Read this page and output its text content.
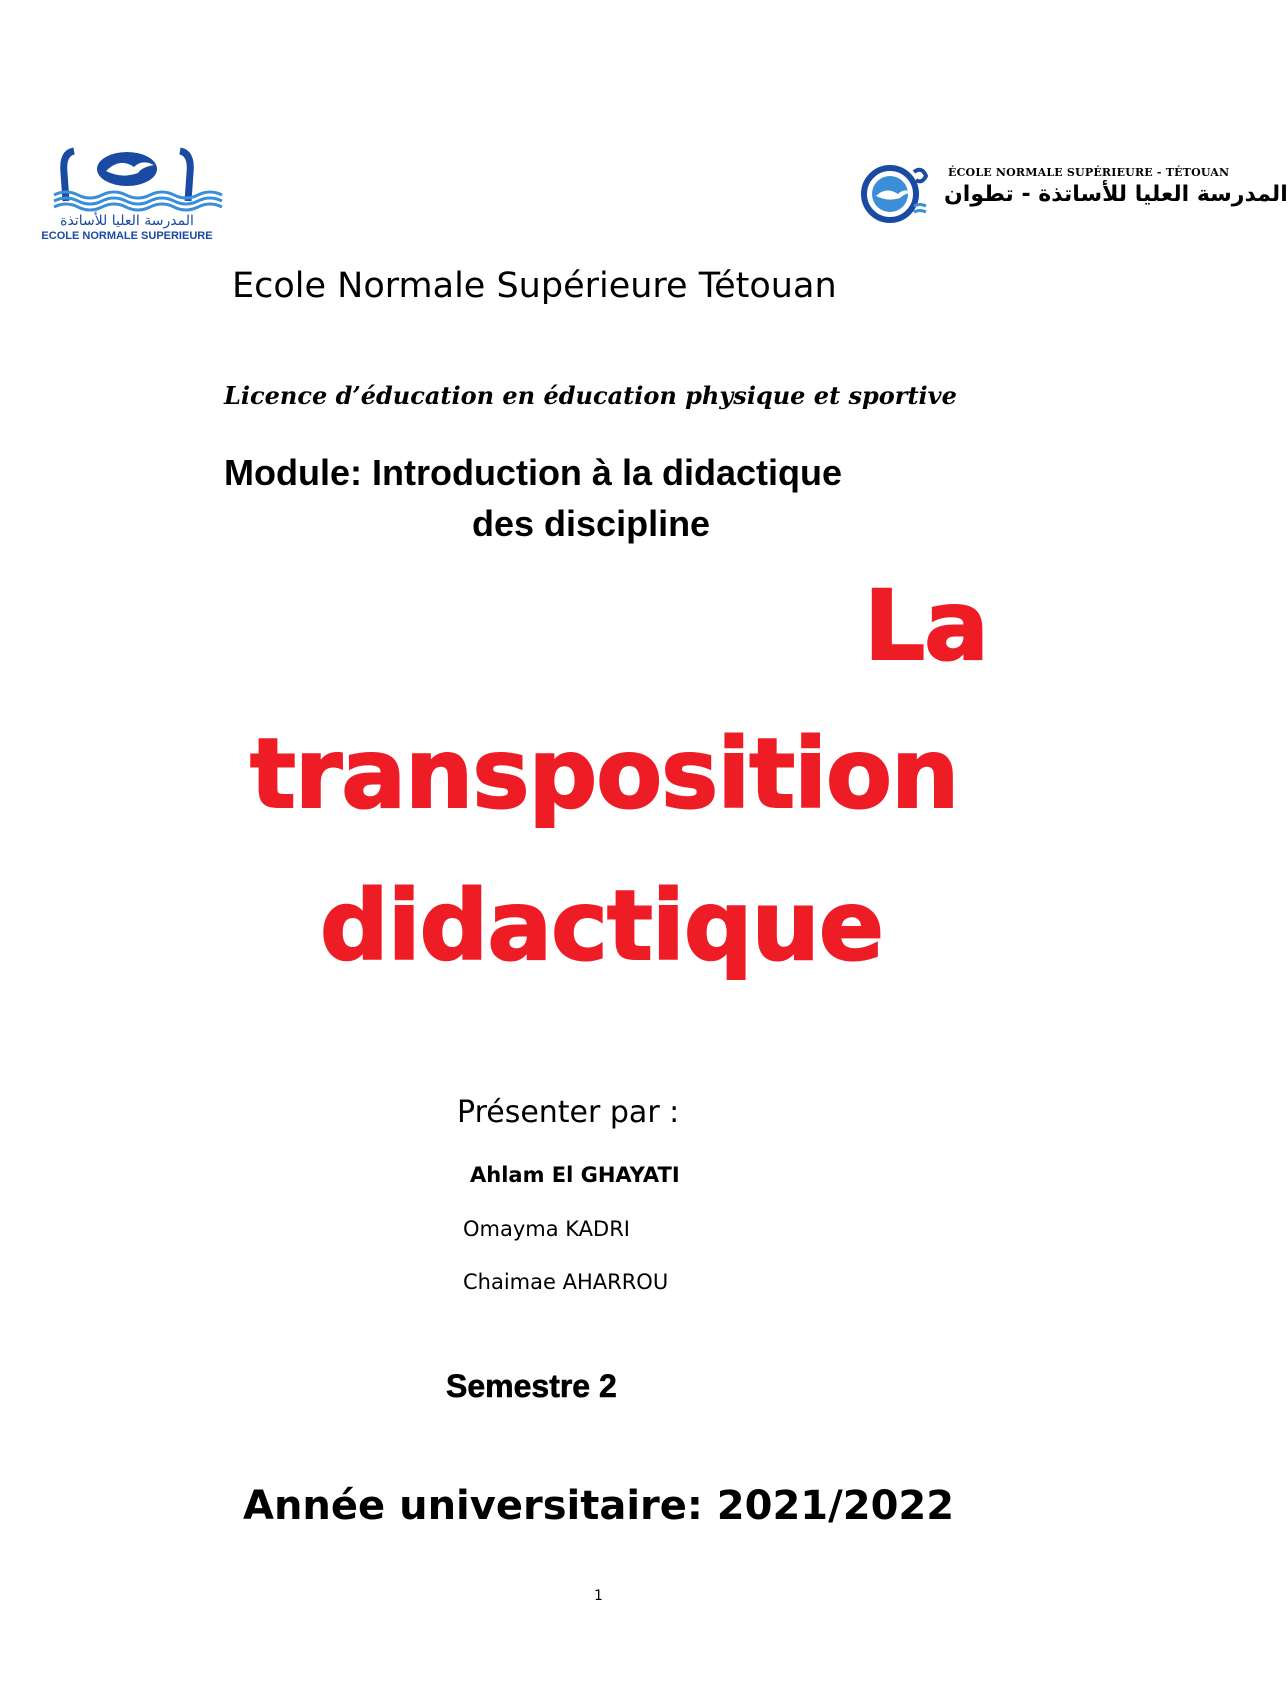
المدرسة العليا للأساتذة
ECOLE NORMALE SUPERIEURE
ÉCOLE NORMALE SUPÉRIEURE - TÉTOUAN
المدرسة العليا للأساتذة - تطوان
Ecole Normale Supérieure Tétouan
Licence d’éducation en éducation physique et sportive
Module: Introduction à la didactique
des discipline
La
transposition
didactique
Présenter par :
Ahlam El GHAYATI
Omayma KADRI
Chaimae AHARROU
Semestre 2
Année universitaire: 2021/2022
1
